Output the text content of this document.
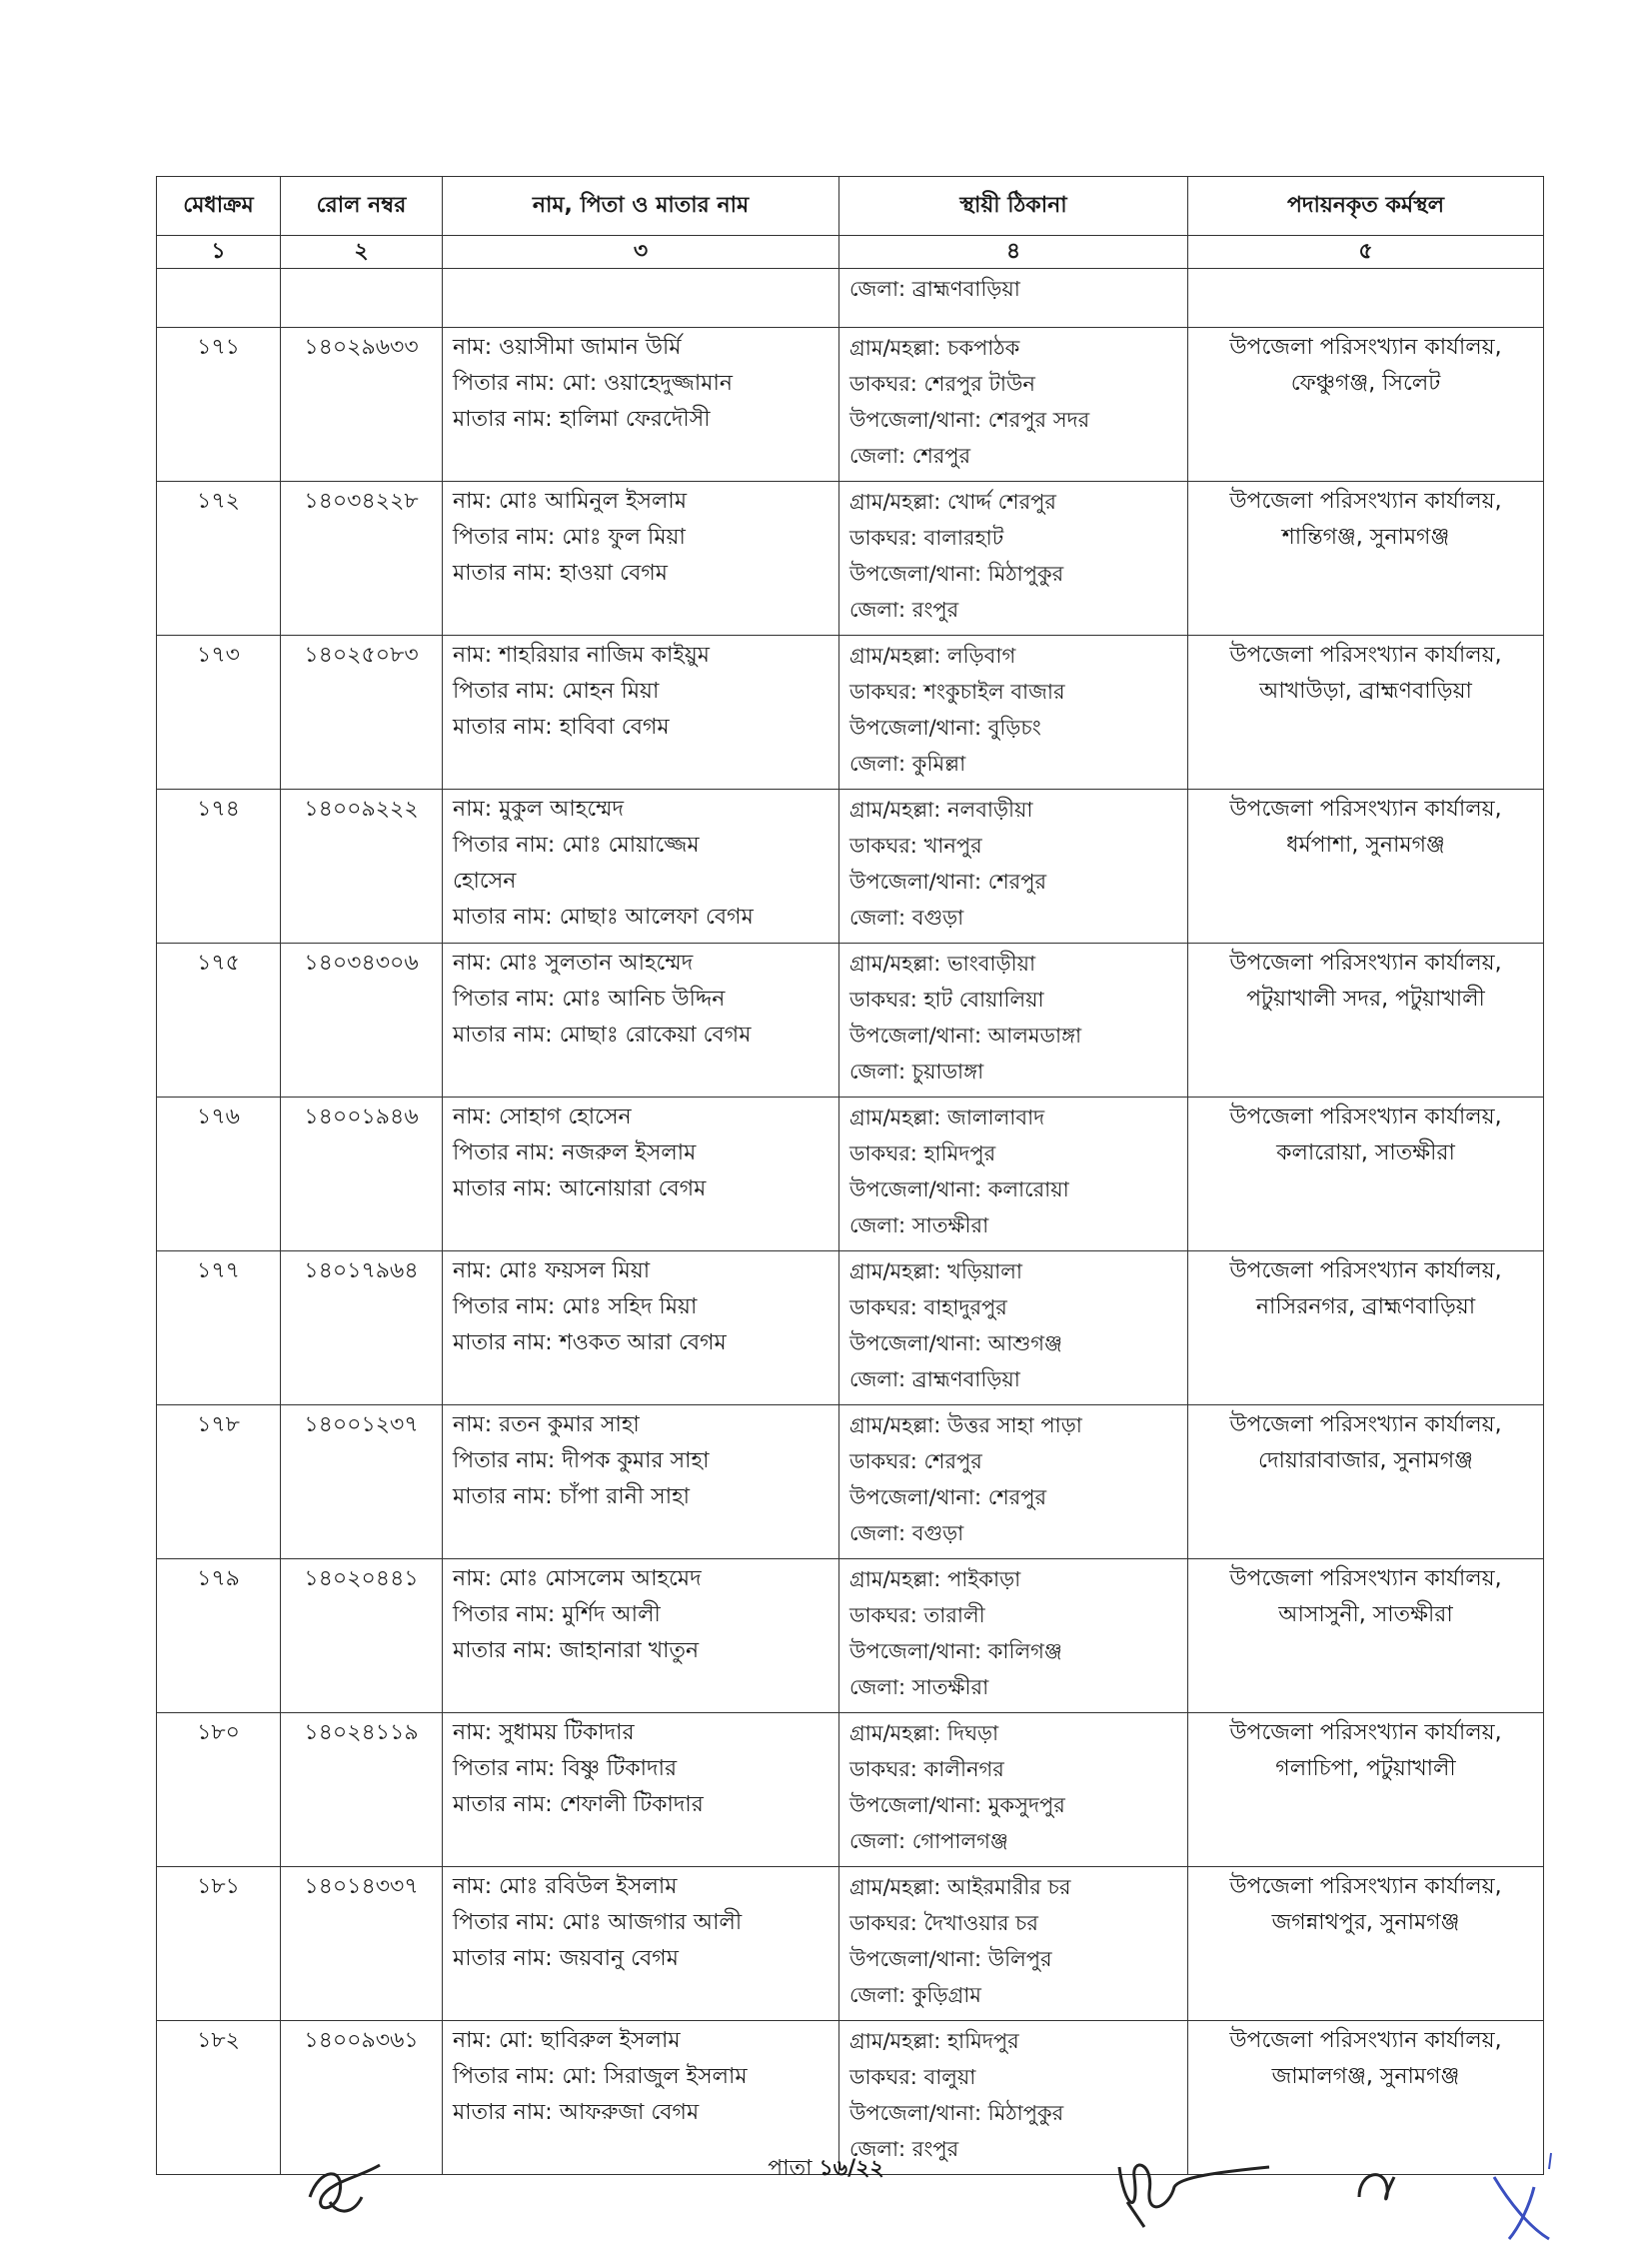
মেধাক্রম	রোল নম্বর	নাম, পিতা ও মাতার নাম	স্থায়ী ঠিকানা	পদায়নকৃত কর্মস্থল
১	২	৩	৪	৫

			জেলা: ব্রাহ্মণবাড়িয়া	

১৭১	১৪০২৯৬৩৩	নাম: ওয়াসীমা জামান উর্মি
পিতার নাম: মো: ওয়াহেদুজ্জামান
মাতার নাম: হালিমা ফেরদৌসী	গ্রাম/মহল্লা: চকপাঠক
ডাকঘর: শেরপুর টাউন
উপজেলা/থানা: শেরপুর সদর
জেলা: শেরপুর	উপজেলা পরিসংখ্যান কার্যালয়,
ফেঞ্চুগঞ্জ, সিলেট

১৭২	১৪০৩৪২২৮	নাম: মোঃ আমিনুল ইসলাম
পিতার নাম: মোঃ ফুল মিয়া
মাতার নাম: হাওয়া বেগম	গ্রাম/মহল্লা: খোর্দ্দ শেরপুর
ডাকঘর: বালারহাট
উপজেলা/থানা: মিঠাপুকুর
জেলা: রংপুর	উপজেলা পরিসংখ্যান কার্যালয়,
শান্তিগঞ্জ, সুনামগঞ্জ

১৭৩	১৪০২৫০৮৩	নাম: শাহরিয়ার নাজিম কাইয়ুম
পিতার নাম: মোহন মিয়া
মাতার নাম: হাবিবা বেগম	গ্রাম/মহল্লা: লড়িবাগ
ডাকঘর: শংকুচাইল বাজার
উপজেলা/থানা: বুড়িচং
জেলা: কুমিল্লা	উপজেলা পরিসংখ্যান কার্যালয়,
আখাউড়া, ব্রাহ্মণবাড়িয়া

১৭৪	১৪০০৯২২২	নাম: মুকুল আহম্মেদ
পিতার নাম: মোঃ মোয়াজ্জেম
হোসেন
মাতার নাম: মোছাঃ আলেফা বেগম	গ্রাম/মহল্লা: নলবাড়ীয়া
ডাকঘর: খানপুর
উপজেলা/থানা: শেরপুর
জেলা: বগুড়া	উপজেলা পরিসংখ্যান কার্যালয়,
ধর্মপাশা, সুনামগঞ্জ

১৭৫	১৪০৩৪৩০৬	নাম: মোঃ সুলতান আহম্মেদ
পিতার নাম: মোঃ আনিচ উদ্দিন
মাতার নাম: মোছাঃ রোকেয়া বেগম	গ্রাম/মহল্লা: ভাংবাড়ীয়া
ডাকঘর: হাট বোয়ালিয়া
উপজেলা/থানা: আলমডাঙ্গা
জেলা: চুয়াডাঙ্গা	উপজেলা পরিসংখ্যান কার্যালয়,
পটুয়াখালী সদর, পটুয়াখালী

১৭৬	১৪০০১৯৪৬	নাম: সোহাগ হোসেন
পিতার নাম: নজরুল ইসলাম
মাতার নাম: আনোয়ারা বেগম	গ্রাম/মহল্লা: জালালাবাদ
ডাকঘর: হামিদপুর
উপজেলা/থানা: কলারোয়া
জেলা: সাতক্ষীরা	উপজেলা পরিসংখ্যান কার্যালয়,
কলারোয়া, সাতক্ষীরা

১৭৭	১৪০১৭৯৬৪	নাম: মোঃ ফয়সল মিয়া
পিতার নাম: মোঃ সহিদ মিয়া
মাতার নাম: শওকত আরা বেগম	গ্রাম/মহল্লা: খড়িয়ালা
ডাকঘর: বাহাদুরপুর
উপজেলা/থানা: আশুগঞ্জ
জেলা: ব্রাহ্মণবাড়িয়া	উপজেলা পরিসংখ্যান কার্যালয়,
নাসিরনগর, ব্রাহ্মণবাড়িয়া

১৭৮	১৪০০১২৩৭	নাম: রতন কুমার সাহা
পিতার নাম: দীপক কুমার সাহা
মাতার নাম: চাঁপা রানী সাহা	গ্রাম/মহল্লা: উত্তর সাহা পাড়া
ডাকঘর: শেরপুর
উপজেলা/থানা: শেরপুর
জেলা: বগুড়া	উপজেলা পরিসংখ্যান কার্যালয়,
দোয়ারাবাজার, সুনামগঞ্জ

১৭৯	১৪০২০৪৪১	নাম: মোঃ মোসলেম আহমেদ
পিতার নাম: মুর্শিদ আলী
মাতার নাম: জাহানারা খাতুন	গ্রাম/মহল্লা: পাইকাড়া
ডাকঘর: তারালী
উপজেলা/থানা: কালিগঞ্জ
জেলা: সাতক্ষীরা	উপজেলা পরিসংখ্যান কার্যালয়,
আসাসুনী, সাতক্ষীরা

১৮০	১৪০২৪১১৯	নাম: সুধাময় টিকাদার
পিতার নাম: বিষ্ণু টিকাদার
মাতার নাম: শেফালী টিকাদার	গ্রাম/মহল্লা: দিঘড়া
ডাকঘর: কালীনগর
উপজেলা/থানা: মুকসুদপুর
জেলা: গোপালগঞ্জ	উপজেলা পরিসংখ্যান কার্যালয়,
গলাচিপা, পটুয়াখালী

১৮১	১৪০১৪৩৩৭	নাম: মোঃ রবিউল ইসলাম
পিতার নাম: মোঃ আজগার আলী
মাতার নাম: জয়বানু বেগম	গ্রাম/মহল্লা: আইরমারীর চর
ডাকঘর: দৈখাওয়ার চর
উপজেলা/থানা: উলিপুর
জেলা: কুড়িগ্রাম	উপজেলা পরিসংখ্যান কার্যালয়,
জগন্নাথপুর, সুনামগঞ্জ

১৮২	১৪০০৯৩৬১	নাম: মো: ছাবিরুল ইসলাম
পিতার নাম: মো: সিরাজুল ইসলাম
মাতার নাম: আফরুজা বেগম	গ্রাম/মহল্লা: হামিদপুর
ডাকঘর: বালুয়া
উপজেলা/থানা: মিঠাপুকুর
জেলা: রংপুর	উপজেলা পরিসংখ্যান কার্যালয়,
জামালগঞ্জ, সুনামগঞ্জ
পাতা ১৬/২২
